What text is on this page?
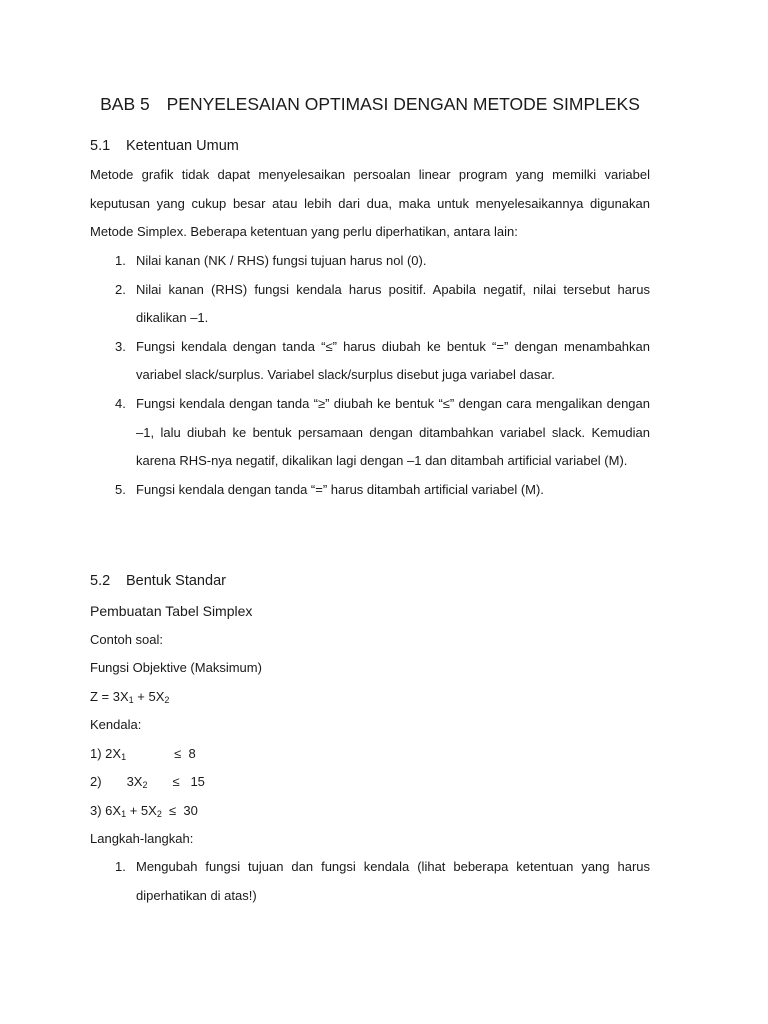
BAB 5 PENYELESAIAN OPTIMASI DENGAN METODE SIMPLEKS
5.1 Ketentuan Umum

Metode grafik tidak dapat menyelesaikan persoalan linear program yang memilki variabel keputusan yang cukup besar atau lebih dari dua, maka untuk menyelesaikannya digunakan Metode Simplex. Beberapa ketentuan yang perlu diperhatikan, antara lain:

1. Nilai kanan (NK / RHS) fungsi tujuan harus nol (0).
2. Nilai kanan (RHS) fungsi kendala harus positif. Apabila negatif, nilai tersebut harus dikalikan –1.
3. Fungsi kendala dengan tanda “≤” harus diubah ke bentuk “=” dengan menambahkan variabel slack/surplus. Variabel slack/surplus disebut juga variabel dasar.
4. Fungsi kendala dengan tanda “≥” diubah ke bentuk “≤” dengan cara mengalikan dengan –1, lalu diubah ke bentuk persamaan dengan ditambahkan variabel slack. Kemudian karena RHS-nya negatif, dikalikan lagi dengan –1 dan ditambah artificial variabel (M).
5. Fungsi kendala dengan tanda “=” harus ditambah artificial variabel (M).
5.2 Bentuk Standar

Pembuatan Tabel Simplex

Contoh soal:

Fungsi Objektive (Maksimum)

$Z = 3X_1 + 5X_2$

Kendala:

1) $2X_1$	≤  8

2) $3X_2 \le 15$

3) $6X_1 + 5X_2 \le 30$

Langkah-langkah:

1. Mengubah fungsi tujuan dan fungsi kendala (lihat beberapa ketentuan yang harus diperhatikan di atas!)
